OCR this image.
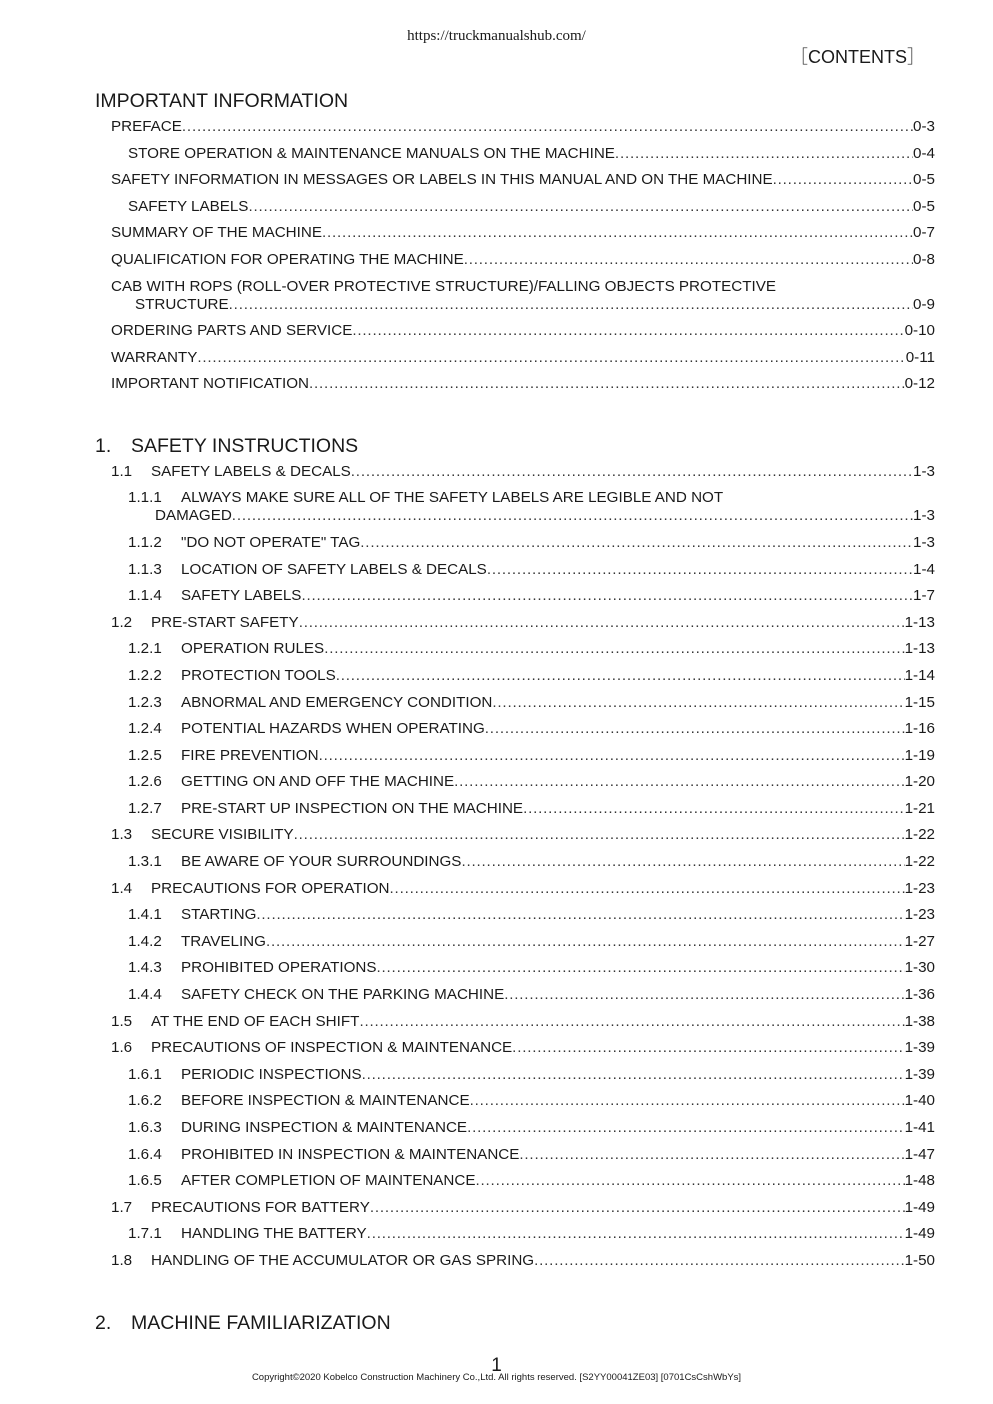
https://truckmanualshub.com/
［CONTENTS］
IMPORTANT INFORMATION
PREFACE .....	0-3
STORE OPERATION & MAINTENANCE MANUALS ON THE MACHINE .....	0-4
SAFETY INFORMATION IN MESSAGES OR LABELS IN THIS MANUAL AND ON THE MACHINE .....	0-5
SAFETY LABELS .....	0-5
SUMMARY OF THE MACHINE .....	0-7
QUALIFICATION FOR OPERATING THE MACHINE .....	0-8
CAB WITH ROPS (ROLL-OVER PROTECTIVE STRUCTURE)/FALLING OBJECTS PROTECTIVE
STRUCTURE .....	0-9
ORDERING PARTS AND SERVICE .....	0-10
WARRANTY .....	0-11
IMPORTANT NOTIFICATION .....	0-12
1. SAFETY INSTRUCTIONS
1.1	SAFETY LABELS & DECALS .....	1-3
1.1.1 ALWAYS MAKE SURE ALL OF THE SAFETY LABELS ARE LEGIBLE AND NOT
DAMAGED .....	1-3
1.1.2	"DO NOT OPERATE" TAG .....	1-3
1.1.3	LOCATION OF SAFETY LABELS & DECALS .....	1-4
1.1.4	SAFETY LABELS .....	1-7
1.2	PRE-START SAFETY .....	1-13
1.2.1	OPERATION RULES .....	1-13
1.2.2	PROTECTION TOOLS .....	1-14
1.2.3	ABNORMAL AND EMERGENCY CONDITION .....	1-15
1.2.4	POTENTIAL HAZARDS WHEN OPERATING .....	1-16
1.2.5	FIRE PREVENTION .....	1-19
1.2.6	GETTING ON AND OFF THE MACHINE .....	1-20
1.2.7	PRE-START UP INSPECTION ON THE MACHINE .....	1-21
1.3	SECURE VISIBILITY .....	1-22
1.3.1	BE AWARE OF YOUR SURROUNDINGS .....	1-22
1.4	PRECAUTIONS FOR OPERATION .....	1-23
1.4.1	STARTING .....	1-23
1.4.2	TRAVELING .....	1-27
1.4.3	PROHIBITED OPERATIONS .....	1-30
1.4.4	SAFETY CHECK ON THE PARKING MACHINE .....	1-36
1.5	AT THE END OF EACH SHIFT .....	1-38
1.6	PRECAUTIONS OF INSPECTION & MAINTENANCE .....	1-39
1.6.1	PERIODIC INSPECTIONS .....	1-39
1.6.2	BEFORE INSPECTION & MAINTENANCE .....	1-40
1.6.3	DURING INSPECTION & MAINTENANCE .....	1-41
1.6.4	PROHIBITED IN INSPECTION & MAINTENANCE .....	1-47
1.6.5	AFTER COMPLETION OF MAINTENANCE .....	1-48
1.7	PRECAUTIONS FOR BATTERY .....	1-49
1.7.1	HANDLING THE BATTERY .....	1-49
1.8	HANDLING OF THE ACCUMULATOR OR GAS SPRING .....	1-50
2. MACHINE FAMILIARIZATION
1
Copyright©2020 Kobelco Construction Machinery Co.,Ltd. All rights reserved. [S2YY00041ZE03] [0701CsCshWbYs]
